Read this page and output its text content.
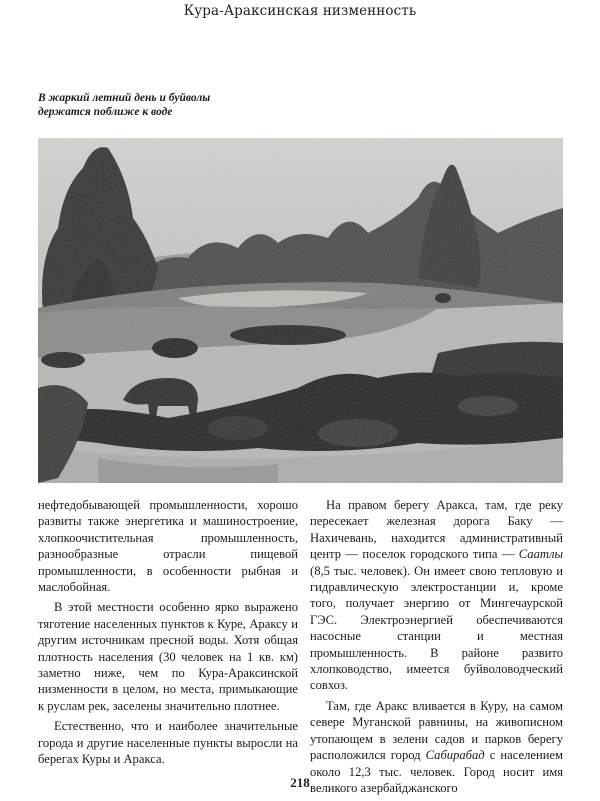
Кура-Араксинская низменность
В жаркий летний день и буйволы
держатся поближе к воде

нефтедобывающей промышленности, хорошо развиты также энергетика и машиностроение, хлопкоочистительная промышленность, разнообразные отрасли пищевой промышленности, в особенности рыбная и маслобойная.

В этой местности особенно ярко выражено тяготение населенных пунктов к Куре, Араксу и другим источникам пресной воды. Хотя общая плотность населения (30 человек на 1 кв. км) заметно ниже, чем по Кура-Араксинской низменности в целом, но места, примыкающие к руслам рек, заселены значительно плотнее.

Естественно, что и наиболее значительные города и другие населенные пункты выросли на берегах Куры и Аракса.

На правом берегу Аракса, там, где реку пересекает железная дорога Баку — Нахичевань, находится административный центр — поселок городского типа — Саатлы (8,5 тыс. человек). Он имеет свою тепловую и гидравлическую электростанции и, кроме того, получает энергию от Мингечаурской ГЭС. Электроэнергией обеспечиваются насосные станции и местная промышленность. В районе развито хлопководство, имеется буйволоводческий совхоз.

Там, где Аракс вливается в Куру, на самом севере Муганской равнины, на живописном утопающем в зелени садов и парков берегу расположился город Сабирабад с населением около 12,3 тыс. человек. Город носит имя великого азербайджанского

218
